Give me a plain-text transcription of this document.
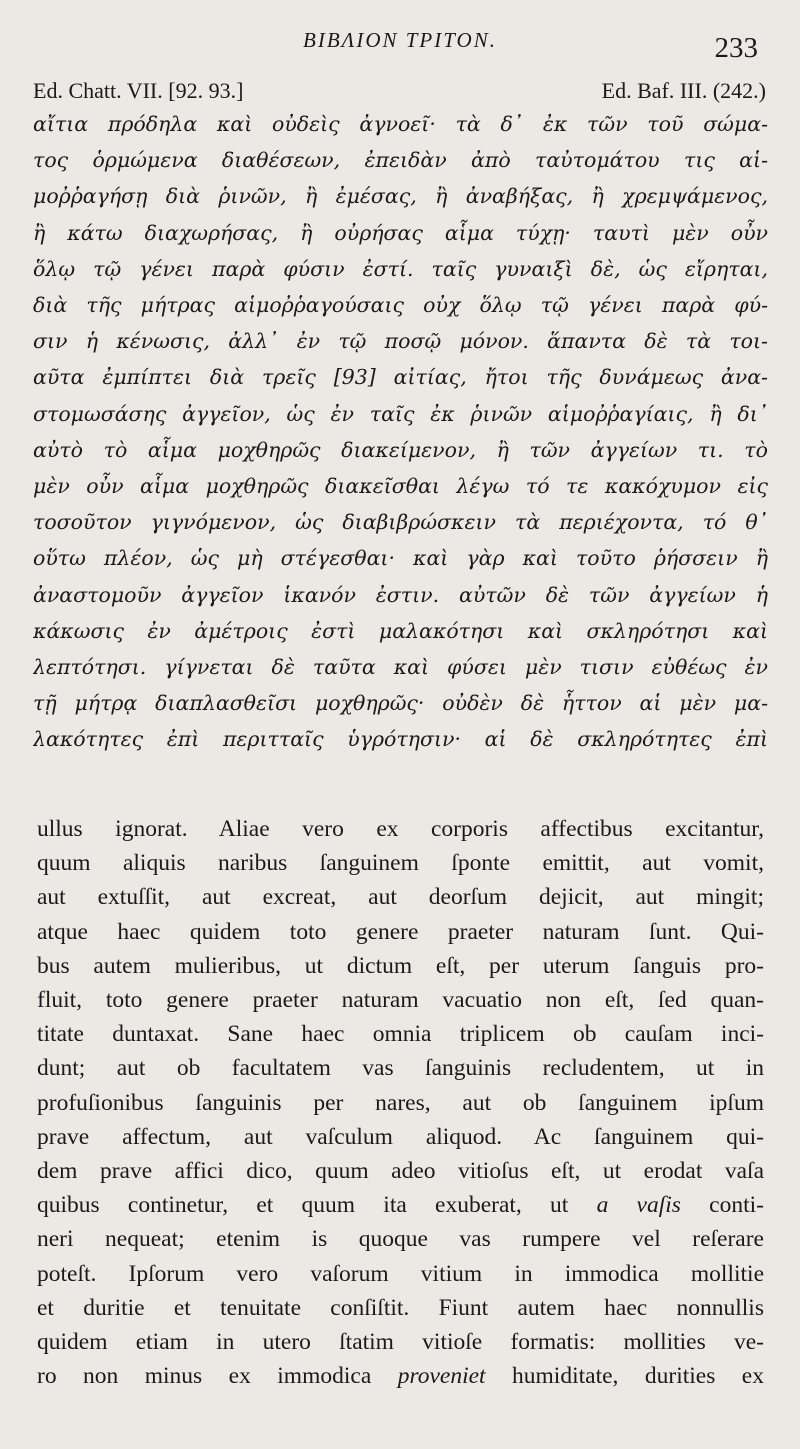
BIBΛΙΟΝ ΤΡΙΤΟΝ.	233
Ed. Chatt. VII. [92. 93.]	Ed. Baf. III. (242.)
αἴτια πρόδηλα καὶ οὐδεὶς ἀγνοεῖ· τὰ δ᾽ ἐκ τῶν τοῦ σώμα-
τος ὁρμώμενα διαθέσεων, ἐπειδὰν ἀπὸ ταὐτομάτου τις αἱ-
μοῤῥαγήσῃ διὰ ῥινῶν, ἢ ἐμέσας, ἢ ἀναβήξας, ἢ χρεμψάμενος,
ἢ κάτω διαχωρήσας, ἢ οὐρήσας αἷμα τύχῃ· ταυτὶ μὲν οὖν
ὅλῳ τῷ γένει παρὰ φύσιν ἐστί. ταῖς γυναιξὶ δὲ, ὡς εἴρηται,
διὰ τῆς μήτρας αἱμοῤῥαγούσαις οὐχ ὅλῳ τῷ γένει παρὰ φύ-
σιν ἡ κένωσις, ἀλλ᾽ ἐν τῷ ποσῷ μόνον. ἅπαντα δὲ τὰ τοι-
αῦτα ἐμπίπτει διὰ τρεῖς [93] αἰτίας, ἤτοι τῆς δυνάμεως ἀνα-
στομωσάσης ἀγγεῖον, ὡς ἐν ταῖς ἐκ ῥινῶν αἱμοῤῥαγίαις, ἢ δι᾽
αὐτὸ τὸ αἷμα μοχθηρῶς διακείμενον, ἢ τῶν ἀγγείων τι. τὸ
μὲν οὖν αἷμα μοχθηρῶς διακεῖσθαι λέγω τό τε κακόχυμον εἰς
τοσοῦτον γιγνόμενον, ὡς διαβιβρώσκειν τὰ περιέχοντα, τό θ᾽
οὕτω πλέον, ὡς μὴ στέγεσθαι· καὶ γὰρ καὶ τοῦτο ῥήσσειν ἢ
ἀναστομοῦν ἀγγεῖον ἱκανόν ἐστιν. αὐτῶν δὲ τῶν ἀγγείων ἡ
κάκωσις ἐν ἀμέτροις ἐστὶ μαλακότησι καὶ σκληρότησι καὶ
λεπτότησι. γίγνεται δὲ ταῦτα καὶ φύσει μὲν τισιν εὐθέως ἐν
τῇ μήτρᾳ διαπλασθεῖσι μοχθηρῶς· οὐδὲν δὲ ἧττον αἱ μὲν μα-
λακότητες ἐπὶ περιτταῖς ὑγρότησιν· αἱ δὲ σκληρότητες ἐπὶ
ullus ignorat. Aliae vero ex corporis affectibus excitantur,
quum aliquis naribus ſanguinem ſponte emittit, aut vomit,
aut extuſſit, aut excreat, aut deorſum dejicit, aut mingit;
atque haec quidem toto genere praeter naturam ſunt. Qui-
bus autem mulieribus, ut dictum eſt, per uterum ſanguis pro-
fluit, toto genere praeter naturam vacuatio non eſt, ſed quan-
titate duntaxat. Sane haec omnia triplicem ob cauſam inci-
dunt; aut ob facultatem vas ſanguinis recludentem, ut in
profuſionibus ſanguinis per nares, aut ob ſanguinem ipſum
prave affectum, aut vaſculum aliquod. Ac ſanguinem qui-
dem prave affici dico, quum adeo vitioſus eſt, ut erodat vaſa
quibus continetur, et quum ita exuberat, ut a vaſis conti-
neri nequeat; etenim is quoque vas rumpere vel reſerare
poteſt. Ipſorum vero vaſorum vitium in immodica mollitie
et duritie et tenuitate conſiſtit. Fiunt autem haec nonnullis
quidem etiam in utero ſtatim vitioſe formatis: mollities ve-
ro non minus ex immodica proveniet humiditate, durities ex
